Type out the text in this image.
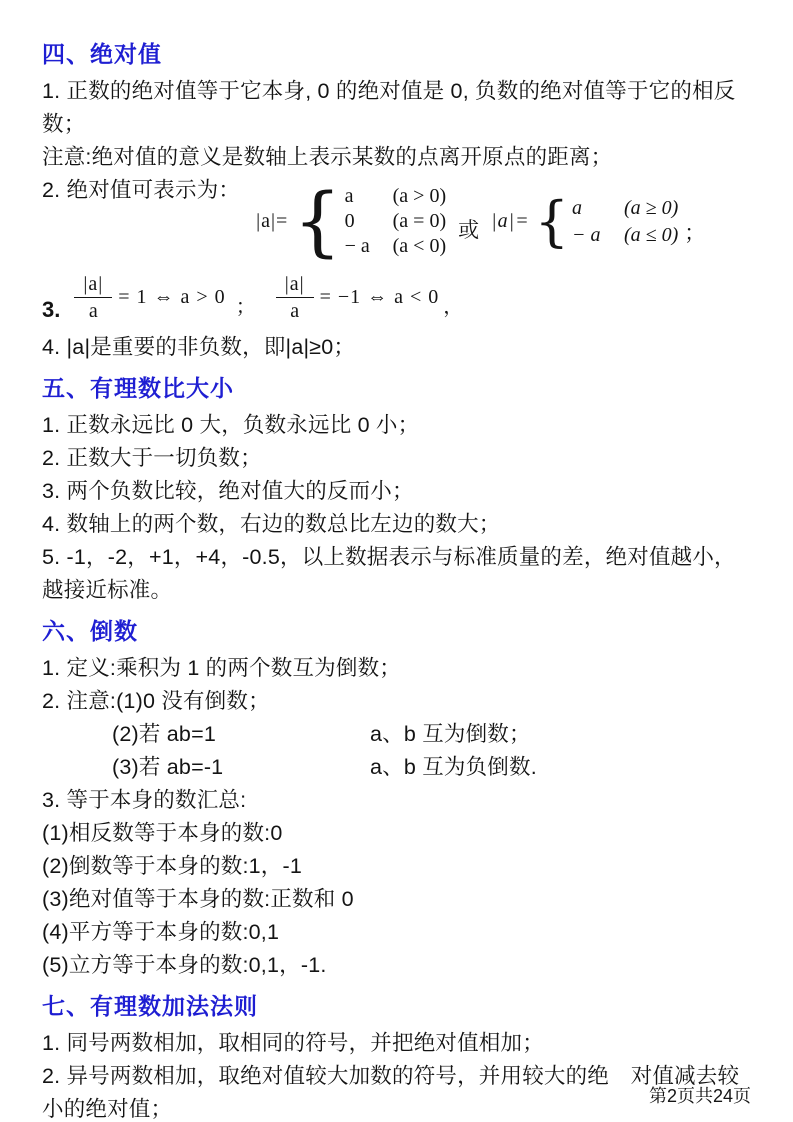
四、绝对值

1. 正数的绝对值等于它本身, 0 的绝对值是 0, 负数的绝对值等于它的相反数；

注意:绝对值的意义是数轴上表示某数的点离开原点的距离；

2. 绝对值可表示为：

|a|= { a	(a > 0)
0	(a = 0)
− a	(a < 0)
或 |a|= { a	(a ≥ 0)
− a	(a ≤ 0) ；
3. $\frac{|a|}{a} = 1$ ⇔ a > 0 ； $\frac{|a|}{a} = -1$ ⇔ a < 0 ，

4. |a|是重要的非负数，即|a|≥0；

五、有理数比大小

1. 正数永远比 0 大，负数永远比 0 小；

2. 正数大于一切负数；

3. 两个负数比较，绝对值大的反而小；

4. 数轴上的两个数，右边的数总比左边的数大；

5. -1，-2，+1，+4，-0.5，以上数据表示与标准质量的差，绝对值越小，越接近标准。

六、倒数

1. 定义:乘积为 1 的两个数互为倒数；

2. 注意:(1)0 没有倒数；

(2)若 ab=1	a、b 互为倒数；
(3)若 ab=-1	a、b 互为负倒数.

3. 等于本身的数汇总:

(1)相反数等于本身的数:0

(2)倒数等于本身的数:1，-1

(3)绝对值等于本身的数:正数和 0

(4)平方等于本身的数:0,1

(5)立方等于本身的数:0,1，-1.

七、有理数加法法则

1. 同号两数相加，取相同的符号，并把绝对值相加；

2. 异号两数相加，取绝对值较大加数的符号，并用较大的绝　对值减去较小的绝对值；

第2页共24页
